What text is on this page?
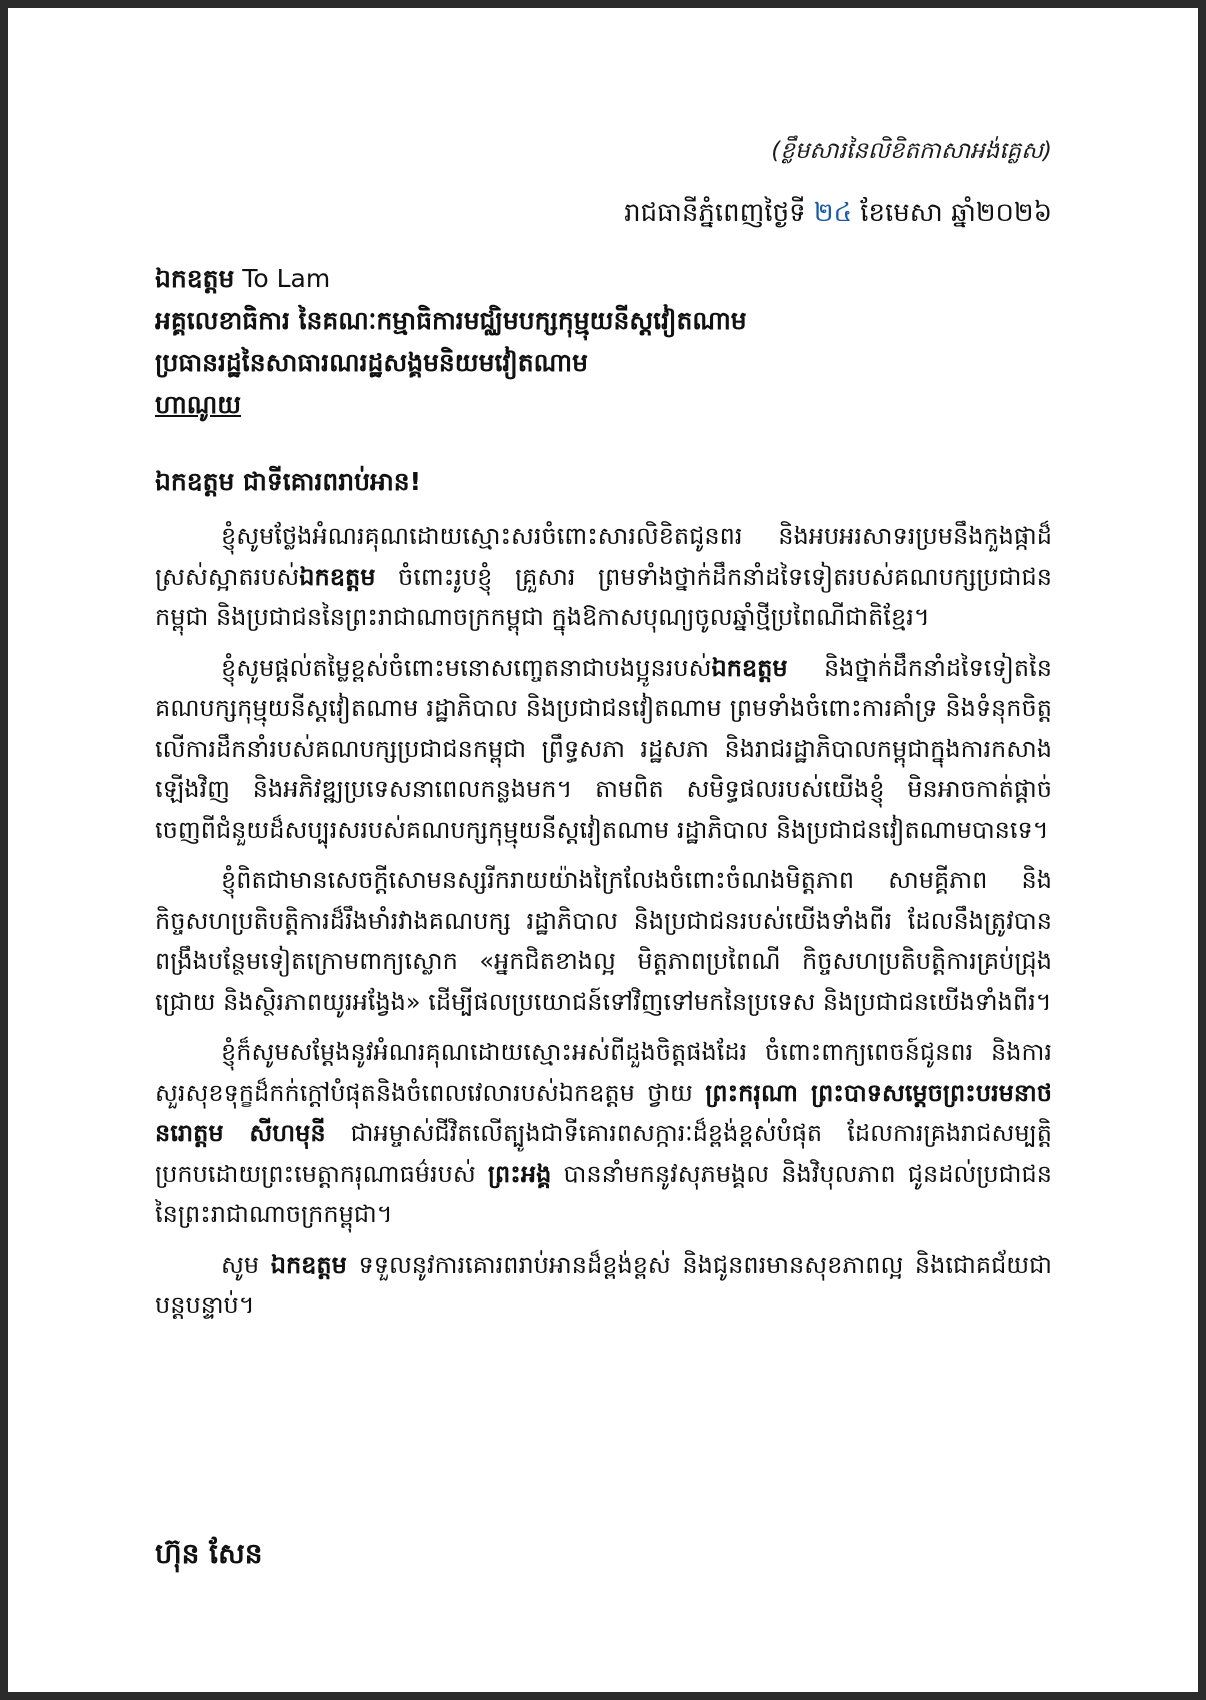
(ខ្លឹមសារនៃលិខិតកាសាអង់គ្លេស)
រាជធានីភ្នំពេញថ្ងៃទី ២៤ ខែមេសា ឆ្នាំ២០២៦
ឯកឧត្តម To Lam
អគ្គលេខាធិការ នៃគណៈកម្មាធិការមជ្ឈិមបក្សកុម្មុយនីស្តវៀតណាម
ប្រធានរដ្ឋនៃសាធារណរដ្ឋសង្គមនិយមវៀតណាម
ហាណូយ
ឯកឧត្តម ជាទីគោរពរាប់អាន!

ខ្ញុំសូមថ្លែងអំណរគុណដោយស្មោះសរចំពោះសារលិខិតជូនពរ និងអបអរសាទរប្រមនឹងកួងផ្កាដ៏ស្រស់ស្អាតរបស់ឯកឧត្តម ចំពោះរូបខ្ញុំ គ្រួសារ ព្រមទាំងថ្នាក់ដឹកនាំដទៃទៀតរបស់គណបក្សប្រជាជនកម្ពុជា និងប្រជាជននៃព្រះរាជាណាចក្រកម្ពុជា ក្នុងឱកាសបុណ្យចូលឆ្នាំថ្មីប្រពៃណីជាតិខ្មែរ។

ខ្ញុំសូមផ្តល់តម្លៃខ្ពស់ចំពោះមនោសញ្ចេតនាជាបងប្អូនរបស់ឯកឧត្តម និងថ្នាក់ដឹកនាំដទៃទៀតនៃគណបក្សកុម្មុយនីស្តវៀតណាម រដ្ឋាភិបាល និងប្រជាជនវៀតណាម ព្រមទាំងចំពោះការគាំទ្រ និងទំនុកចិត្ត លើការដឹកនាំរបស់គណបក្សប្រជាជនកម្ពុជា ព្រឹទ្ធសភា រដ្ឋសភា និងរាជរដ្ឋាភិបាលកម្ពុជាក្នុងការកសាងឡើងវិញ និងអភិវឌ្ឍប្រទេសនាពេលកន្លងមក។ តាមពិត សមិទ្ធផលរបស់យើងខ្ញុំ មិនអាចកាត់ផ្តាច់ចេញពីជំនួយដ៏សប្បុរសរបស់គណបក្សកុម្មុយនីស្តវៀតណាម រដ្ឋាភិបាល និងប្រជាជនវៀតណាមបានទេ។

ខ្ញុំពិតជាមានសេចក្តីសោមនស្សរីករាយយ៉ាងក្រៃលែងចំពោះចំណងមិត្តភាព សាមគ្គីភាព និងកិច្ចសហប្រតិបត្តិការដ៏រឹងមាំរវាងគណបក្ស រដ្ឋាភិបាល និងប្រជាជនរបស់យើងទាំងពីរ ដែលនឹងត្រូវបានពង្រឹងបន្ថែមទៀតក្រោមពាក្យស្លោក «អ្នកជិតខាងល្អ មិត្តភាពប្រពៃណី កិច្ចសហប្រតិបត្តិការគ្រប់ជ្រុងជ្រោយ និងស្ថិរភាពយូរអង្វែង» ដើម្បីផលប្រយោជន៍ទៅវិញទៅមកនៃប្រទេស និងប្រជាជនយើងទាំងពីរ។

ខ្ញុំក៏សូមសម្តែងនូវអំណរគុណដោយស្មោះអស់ពីដួងចិត្តផងដែរ ចំពោះពាក្យពេចន៍ជូនពរ និងការសួរសុខទុក្ខដ៏កក់ក្តៅបំផុតនិងចំពេលវេលារបស់ឯកឧត្តម ថ្វាយ ព្រះករុណា ព្រះបាទសម្តេចព្រះបរមនាថ នរោត្តម សីហមុនី ជាអម្ចាស់ជីវិតលើត្បូងជាទីគោរពសក្ការៈដ៏ខ្ពង់ខ្ពស់បំផុត ដែលការគ្រងរាជសម្បត្តិប្រកបដោយព្រះមេត្តាករុណាធម៌របស់ ព្រះអង្គ បាននាំមកនូវសុភមង្គល និងវិបុលភាព ជូនដល់ប្រជាជននៃព្រះរាជាណាចក្រកម្ពុជា។

សូម ឯកឧត្តម ទទួលនូវការគោរពរាប់អានដ៏ខ្ពង់ខ្ពស់ និងជូនពរមានសុខភាពល្អ និងជោគជ័យជាបន្តបន្ទាប់។

ហ៊ុន សែន
